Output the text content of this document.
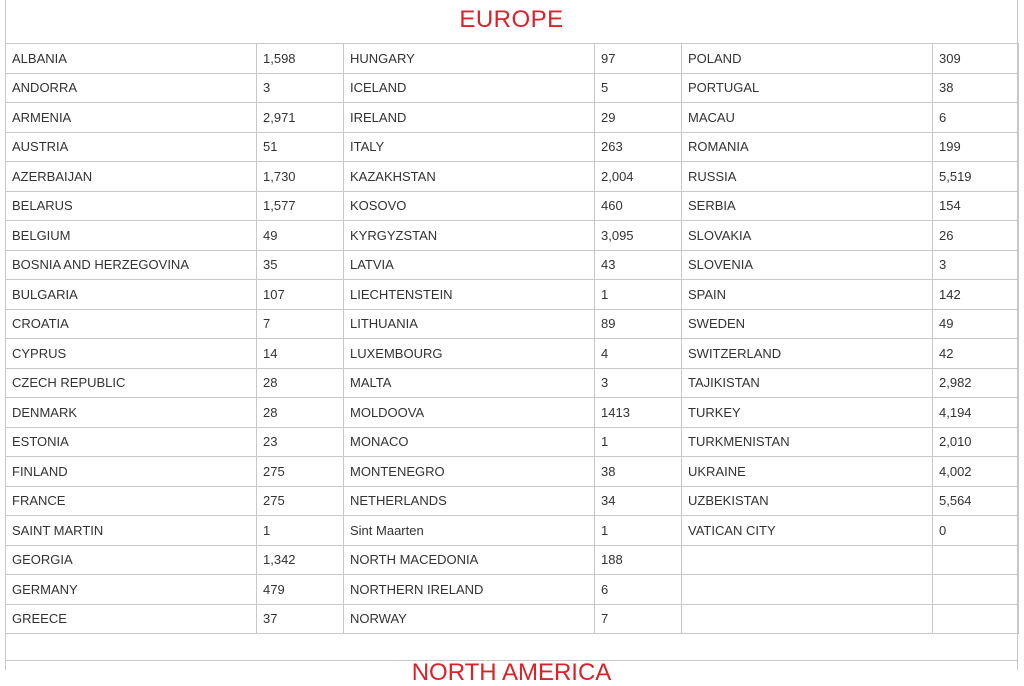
EUROPE
ALBANIA	1,598	HUNGARY	97	POLAND	309
ANDORRA	3	ICELAND	5	PORTUGAL	38
ARMENIA	2,971	IRELAND	29	MACAU	6
AUSTRIA	51	ITALY	263	ROMANIA	199
AZERBAIJAN	1,730	KAZAKHSTAN	2,004	RUSSIA	5,519
BELARUS	1,577	KOSOVO	460	SERBIA	154
BELGIUM	49	KYRGYZSTAN	3,095	SLOVAKIA	26
BOSNIA AND HERZEGOVINA	35	LATVIA	43	SLOVENIA	3
BULGARIA	107	LIECHTENSTEIN	1	SPAIN	142
CROATIA	7	LITHUANIA	89	SWEDEN	49
CYPRUS	14	LUXEMBOURG	4	SWITZERLAND	42
CZECH REPUBLIC	28	MALTA	3	TAJIKISTAN	2,982
DENMARK	28	MOLDOOVA	1413	TURKEY	4,194
ESTONIA	23	MONACO	1	TURKMENISTAN	2,010
FINLAND	275	MONTENEGRO	38	UKRAINE	4,002
FRANCE	275	NETHERLANDS	34	UZBEKISTAN	5,564
SAINT MARTIN	1	Sint Maarten	1	VATICAN CITY	0
GEORGIA	1,342	NORTH MACEDONIA	188		
GERMANY	479	NORTHERN IRELAND	6		
GREECE	37	NORWAY	7		
NORTH AMERICA
